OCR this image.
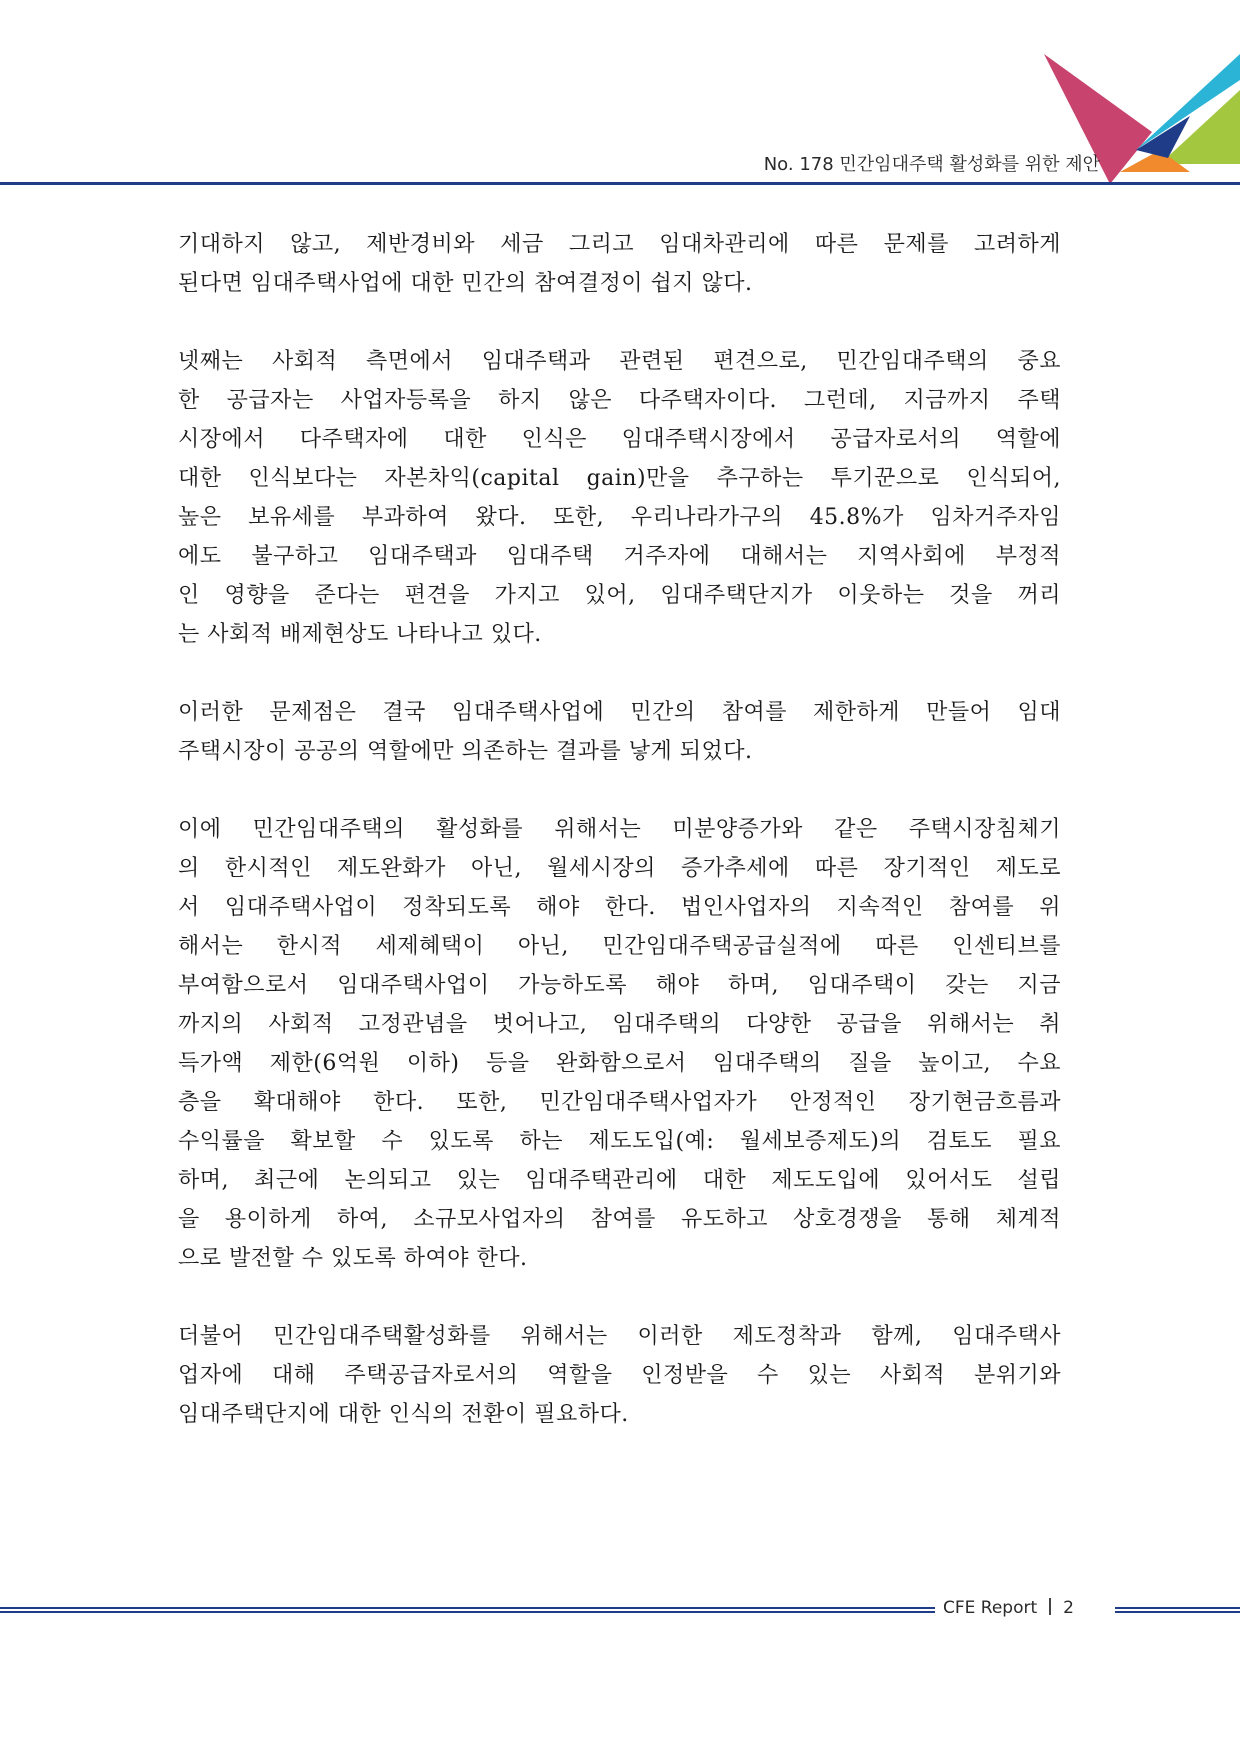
No. 178 민간임대주택 활성화를 위한 제안
기대하지 않고, 제반경비와 세금 그리고 임대차관리에 따른 문제를 고려하게
된다면 임대주택사업에 대한 민간의 참여결정이 쉽지 않다.
넷째는 사회적 측면에서 임대주택과 관련된 편견으로, 민간임대주택의 중요
한 공급자는 사업자등록을 하지 않은 다주택자이다. 그런데, 지금까지 주택
시장에서 다주택자에 대한 인식은 임대주택시장에서 공급자로서의 역할에
대한 인식보다는 자본차익(capital gain)만을 추구하는 투기꾼으로 인식되어,
높은 보유세를 부과하여 왔다. 또한, 우리나라가구의 45.8%가 임차거주자임
에도 불구하고 임대주택과 임대주택 거주자에 대해서는 지역사회에 부정적
인 영향을 준다는 편견을 가지고 있어, 임대주택단지가 이웃하는 것을 꺼리
는 사회적 배제현상도 나타나고 있다.
이러한 문제점은 결국 임대주택사업에 민간의 참여를 제한하게 만들어 임대
주택시장이 공공의 역할에만 의존하는 결과를 낳게 되었다.
이에 민간임대주택의 활성화를 위해서는 미분양증가와 같은 주택시장침체기
의 한시적인 제도완화가 아닌, 월세시장의 증가추세에 따른 장기적인 제도로
서 임대주택사업이 정착되도록 해야 한다. 법인사업자의 지속적인 참여를 위
해서는 한시적 세제혜택이 아닌, 민간임대주택공급실적에 따른 인센티브를
부여함으로서 임대주택사업이 가능하도록 해야 하며, 임대주택이 갖는 지금
까지의 사회적 고정관념을 벗어나고, 임대주택의 다양한 공급을 위해서는 취
득가액 제한(6억원 이하) 등을 완화함으로서 임대주택의 질을 높이고, 수요
층을 확대해야 한다. 또한, 민간임대주택사업자가 안정적인 장기현금흐름과
수익률을 확보할 수 있도록 하는 제도도입(예: 월세보증제도)의 검토도 필요
하며, 최근에 논의되고 있는 임대주택관리에 대한 제도도입에 있어서도 설립
을 용이하게 하여, 소규모사업자의 참여를 유도하고 상호경쟁을 통해 체계적
으로 발전할 수 있도록 하여야 한다.
더불어 민간임대주택활성화를 위해서는 이러한 제도정착과 함께, 임대주택사
업자에 대해 주택공급자로서의 역할을 인정받을 수 있는 사회적 분위기와
임대주택단지에 대한 인식의 전환이 필요하다.
CFE Report 2
